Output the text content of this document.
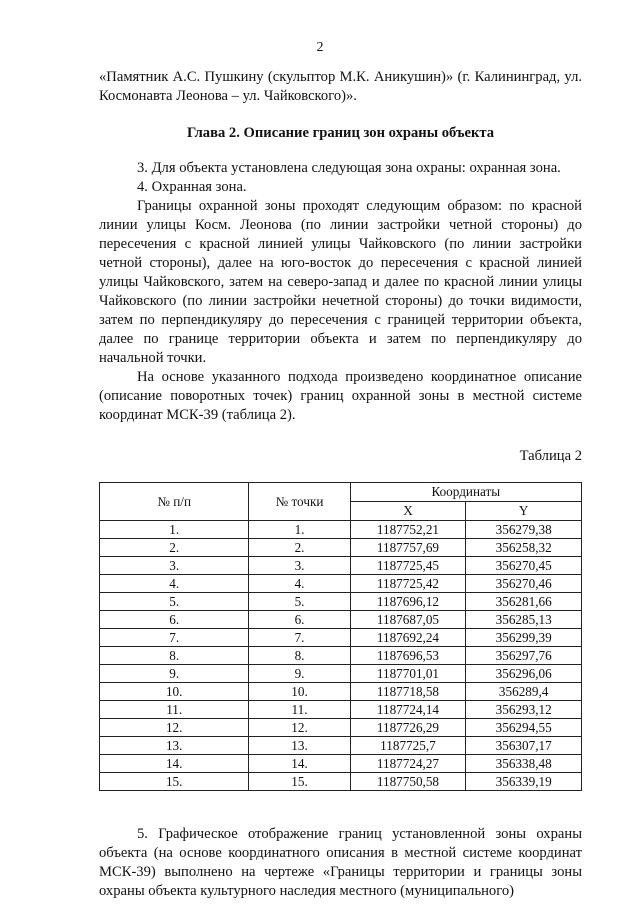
2

«Памятник А.С. Пушкину (скульптор М.К. Аникушин)» (г. Калининград, ул. Космонавта Леонова – ул. Чайковского)».

Глава 2. Описание границ зон охраны объекта

3. Для объекта установлена следующая зона охраны: охранная зона.

4. Охранная зона.

Границы охранной зоны проходят следующим образом: по красной линии улицы Косм. Леонова (по линии застройки четной стороны) до пересечения с красной линией улицы Чайковского (по линии застройки четной стороны), далее на юго-восток до пересечения с красной линией улицы Чайковского, затем на северо-запад и далее по красной линии улицы Чайковского (по линии застройки нечетной стороны) до точки видимости, затем по перпендикуляру до пересечения с границей территории объекта, далее по границе территории объекта и затем по перпендикуляру до начальной точки.

На основе указанного подхода произведено координатное описание (описание поворотных точек) границ охранной зоны в местной системе координат МСК-39 (таблица 2).

Таблица 2

№ п/п	№ точки	Координаты	
		X	Y
1.	1.	1187752,21	356279,38
2.	2.	1187757,69	356258,32
3.	3.	1187725,45	356270,45
4.	4.	1187725,42	356270,46
5.	5.	1187696,12	356281,66
6.	6.	1187687,05	356285,13
7.	7.	1187692,24	356299,39
8.	8.	1187696,53	356297,76
9.	9.	1187701,01	356296,06
10.	10.	1187718,58	356289,4
11.	11.	1187724,14	356293,12
12.	12.	1187726,29	356294,55
13.	13.	1187725,7	356307,17
14.	14.	1187724,27	356338,48
15.	15.	1187750,58	356339,19

5. Графическое отображение границ установленной зоны охраны объекта (на основе координатного описания в местной системе координат МСК-39) выполнено на чертеже «Границы территории и границы зоны охраны объекта культурного наследия местного (муниципального)
